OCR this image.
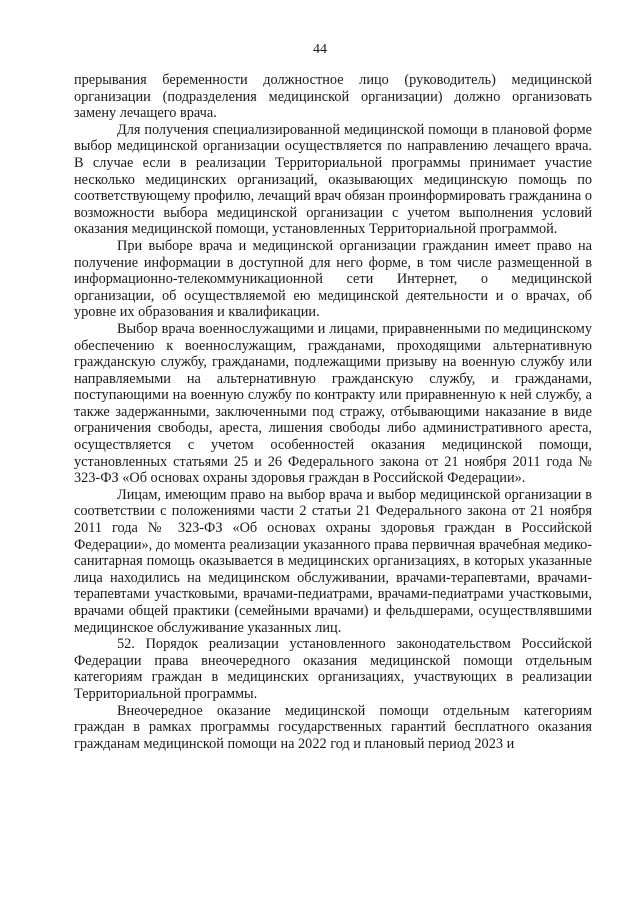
44

прерывания беременности должностное лицо (руководитель) медицинской организации (подразделения медицинской организации) должно организовать замену лечащего врача.

Для получения специализированной медицинской помощи в плановой форме выбор медицинской организации осуществляется по направлению лечащего врача. В случае если в реализации Территориальной программы принимает участие несколько медицинских организаций, оказывающих медицинскую помощь по соответствующему профилю, лечащий врач обязан проинформировать гражданина о возможности выбора медицинской организации с учетом выполнения условий оказания медицинской помощи, установленных Территориальной программой.

При выборе врача и медицинской организации гражданин имеет право на получение информации в доступной для него форме, в том числе размещенной в информационно-телекоммуникационной сети Интернет, о медицинской организации, об осуществляемой ею медицинской деятельности и о врачах, об уровне их образования и квалификации.

Выбор врача военнослужащими и лицами, приравненными по медицинскому обеспечению к военнослужащим, гражданами, проходящими альтернативную гражданскую службу, гражданами, подлежащими призыву на военную службу или направляемыми на альтернативную гражданскую службу, и гражданами, поступающими на военную службу по контракту или приравненную к ней службу, а также задержанными, заключенными под стражу, отбывающими наказание в виде ограничения свободы, ареста, лишения свободы либо административного ареста, осуществляется с учетом особенностей оказания медицинской помощи, установленных статьями 25 и 26 Федерального закона от 21 ноября 2011 года № 323-ФЗ «Об основах охраны здоровья граждан в Российской Федерации».

Лицам, имеющим право на выбор врача и выбор медицинской организации в соответствии с положениями части 2 статьи 21 Федерального закона от 21 ноября 2011 года № 323-ФЗ «Об основах охраны здоровья граждан в Российской Федерации», до момента реализации указанного права первичная врачебная медико-санитарная помощь оказывается в медицинских организациях, в которых указанные лица находились на медицинском обслуживании, врачами-терапевтами, врачами-терапевтами участковыми, врачами-педиатрами, врачами-педиатрами участковыми, врачами общей практики (семейными врачами) и фельдшерами, осуществлявшими медицинское обслуживание указанных лиц.

52. Порядок реализации установленного законодательством Российской Федерации права внеочередного оказания медицинской помощи отдельным категориям граждан в медицинских организациях, участвующих в реализации Территориальной программы.

Внеочередное оказание медицинской помощи отдельным категориям граждан в рамках программы государственных гарантий бесплатного оказания гражданам медицинской помощи на 2022 год и плановый период 2023 и
